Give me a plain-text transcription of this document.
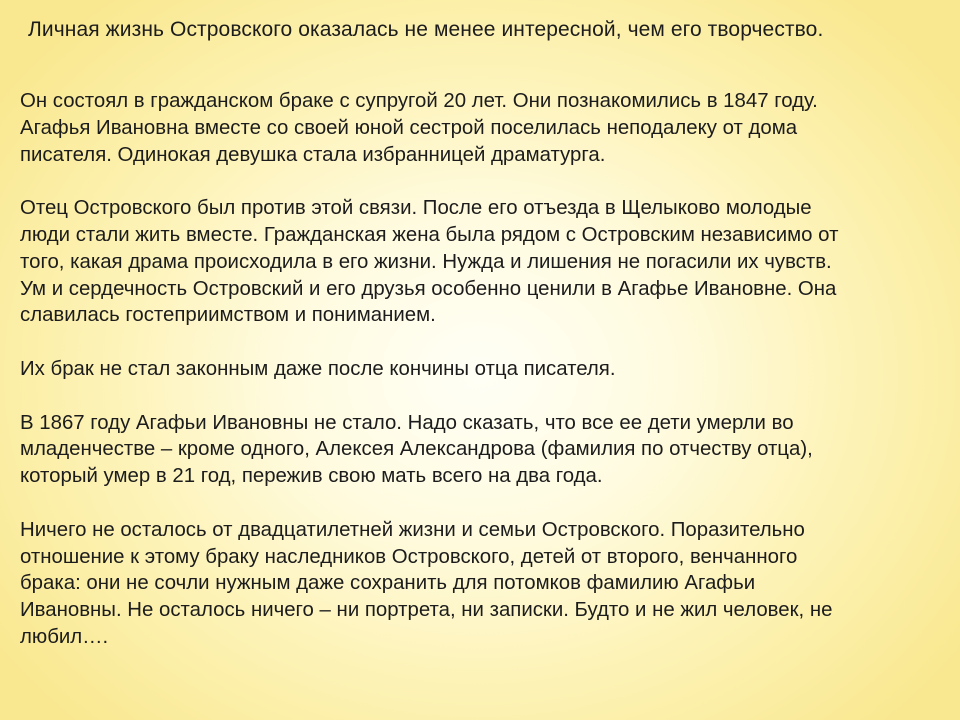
Личная жизнь Островского оказалась не менее интересной, чем его творчество.

Он состоял в гражданском браке с супругой 20 лет. Они познакомились в 1847 году.
Агафья Ивановна вместе со своей юной сестрой поселилась неподалеку от дома
писателя. Одинокая девушка стала избранницей драматурга.

Отец Островского был против этой связи. После его отъезда в Щелыково молодые
люди стали жить вместе. Гражданская жена была рядом с Островским независимо от
того, какая драма происходила в его жизни. Нужда и лишения не погасили их чувств.
Ум и сердечность Островский и его друзья особенно ценили в Агафье Ивановне. Она
славилась гостеприимством и пониманием.

Их брак не стал законным даже после кончины отца писателя.

В 1867 году Агафьи Ивановны не стало. Надо сказать, что все ее дети умерли во
младенчестве – кроме одного, Алексея Александрова (фамилия по отчеству отца),
который умер в 21 год, пережив свою мать всего на два года.

Ничего не осталось от двадцатилетней жизни и семьи Островского. Поразительно
отношение к этому браку наследников Островского, детей от второго, венчанного
брака: они не сочли нужным даже сохранить для потомков фамилию Агафьи
Ивановны. Не осталось ничего – ни портрета, ни записки. Будто и не жил человек, не
любил….
